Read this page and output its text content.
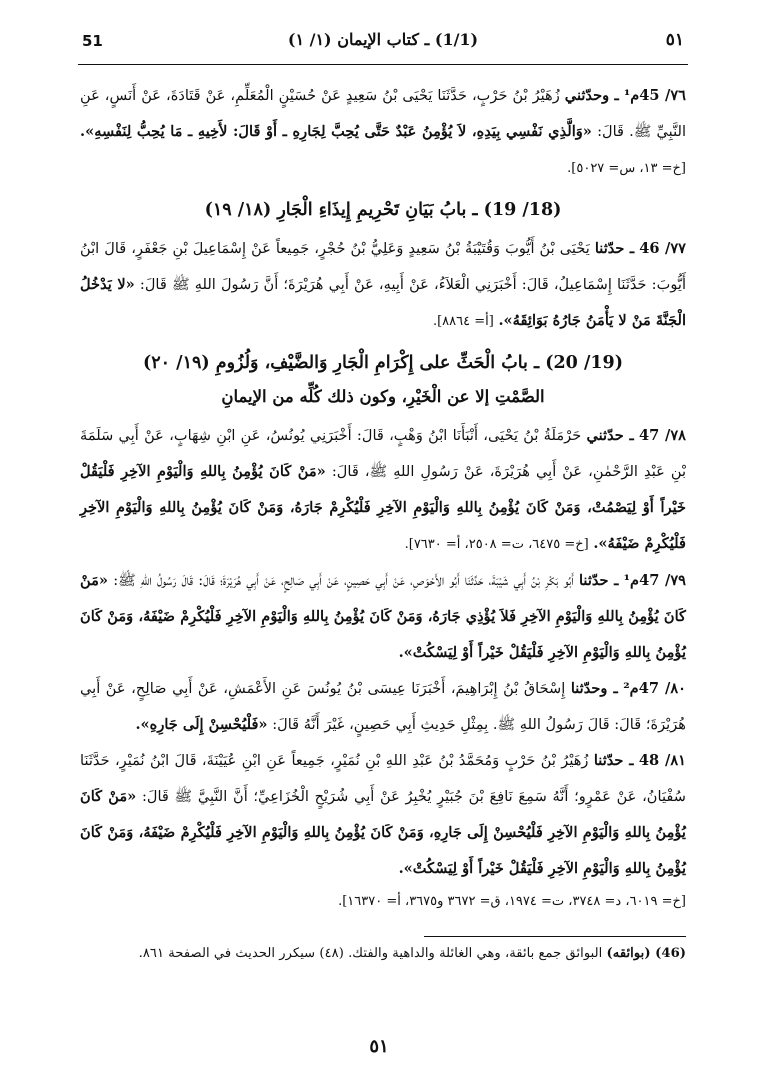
51	(1/1) ـ كتاب الإيمان (١/ ١)	٥١

٧٦/ 45م¹ ـ وحدّثني زُهَيْرُ بْنُ حَرْبٍ، حَدَّثَنَا يَحْيَى بْنُ سَعِيدٍ عَنْ حُسَيْنٍ الْمُعَلِّمِ، عَنْ قَتَادَةَ، عَنْ أَنَسٍ، عَنِ النَّبِيِّ ﷺ. قَالَ: «وَالَّذِي نَفْسِي بِيَدِهِ، لاَ يُؤْمِنُ عَبْدٌ حَتَّى يُحِبَّ لِجَارِهِ ـ أَوْ قَالَ: لأَخِيهِ ـ مَا يُحِبُّ لِنَفْسِهِ». [خ= ١٣، س= ٥٠٢٧].

(18/ 19) ـ بابُ بَيَانِ تَحْرِيمِ إِيذَاءِ الْجَارِ (١٨/ ١٩)

٧٧/ 46 ـ حدّثنا يَحْيَى بْنُ أَيُّوبَ وَقُتَيْبَةُ بْنُ سَعِيدٍ وَعَلِيُّ بْنُ حُجْرٍ، جَمِيعاً عَنْ إِسْمَاعِيلَ بْنِ جَعْفَرٍ، قَالَ ابْنُ أَيُّوبَ: حَدَّثَنَا إِسْمَاعِيلُ، قَالَ: أَخْبَرَنِي الْعَلاَءُ، عَنْ أَبِيهِ، عَنْ أَبِي هُرَيْرَةَ؛ أَنَّ رَسُولَ اللهِ ﷺ قَالَ: «لا يَدْخُلُ الْجَنَّةَ مَنْ لا يَأْمَنُ جَارُهُ بَوَائِقَهُ». [أ= ٨٨٦٤].

(19/ 20) ـ بابُ الْحَثِّ على إِكْرَامِ الْجَارِ وَالضَّيْفِ، وَلُزُومِ (١٩/ ٢٠)
الصَّمْتِ إلا عن الْخَيْرِ، وكون ذلك كُلِّه من الإيمانِ

٧٨/ 47 ـ حدّثني حَرْمَلَةُ بْنُ يَحْيَى، أَنْبَأَنَا ابْنُ وَهْبٍ، قَالَ: أَخْبَرَنِي يُونُسُ، عَنِ ابْنِ شِهَابٍ، عَنْ أَبِي سَلَمَةَ بْنِ عَبْدِ الرَّحْمٰنِ، عَنْ أَبِي هُرَيْرَةَ، عَنْ رَسُولِ اللهِ ﷺ، قَالَ: «مَنْ كَانَ يُؤْمِنُ بِاللهِ وَالْيَوْمِ الآخِرِ فَلْيَقُلْ خَيْراً أَوْ لِيَصْمُتْ، وَمَنْ كَانَ يُؤْمِنُ بِاللهِ وَالْيَوْمِ الآخِرِ فَلْيُكْرِمْ جَارَهُ، وَمَنْ كَانَ يُؤْمِنُ بِاللهِ وَالْيَوْمِ الآخِرِ فَلْيُكْرِمْ ضَيْفَهُ». [خ= ٦٤٧٥، ت= ٢٥٠٨، أ= ٧٦٣٠].

٧٩/ 47م¹ ـ حدّثنا أَبُو بَكْرِ بْنُ أَبِي شَيْبَةَ، حَدَّثَنَا أَبُو الأَحْوَصِ، عَنْ أَبِي حَصِينٍ، عَنْ أَبِي صَالِحٍ، عَنْ أَبِي هُرَيْرَةَ؛ قَالَ: قَالَ رَسُولُ اللهِ ﷺ: «مَنْ كَانَ يُؤْمِنُ بِاللهِ وَالْيَوْمِ الآخِرِ فَلاَ يُؤْذِي جَارَهُ، وَمَنْ كَانَ يُؤْمِنُ بِاللهِ وَالْيَوْمِ الآخِرِ فَلْيُكْرِمْ ضَيْفَهُ، وَمَنْ كَانَ يُؤْمِنُ بِاللهِ وَالْيَوْمِ الآخِرِ فَلْيَقُلْ خَيْراً أَوْ لِيَسْكُتْ».

٨٠/ 47م² ـ وحدّثنا إِسْحَاقُ بْنُ إِبْرَاهِيمَ، أَخْبَرَنَا عِيسَى بْنُ يُونُسَ عَنِ الأَعْمَشِ، عَنْ أَبِي صَالِحٍ، عَنْ أَبِي هُرَيْرَةَ؛ قَالَ: قَالَ رَسُولُ اللهِ ﷺ. بِمِثْلِ حَدِيثِ أَبِي حَصِينٍ، غَيْرَ أَنَّهُ قَالَ: «فَلْيُحْسِنْ إِلَى جَارِهِ».

٨١/ 48 ـ حدّثنا زُهَيْرُ بْنُ حَرْبٍ وَمُحَمَّدُ بْنُ عَبْدِ اللهِ بْنِ نُمَيْرٍ، جَمِيعاً عَنِ ابْنِ عُيَيْنَةَ، قَالَ ابْنُ نُمَيْرٍ، حَدَّثَنَا سُفْيَانُ، عَنْ عَمْرٍو؛ أَنَّهُ سَمِعَ نَافِعَ بْنَ جُبَيْرٍ يُخْبِرُ عَنْ أَبِي شُرَيْحٍ الْخُزَاعِيِّ؛ أَنَّ النَّبِيَّ ﷺ قَالَ: «مَنْ كَانَ يُؤْمِنُ بِاللهِ وَالْيَوْمِ الآخِرِ فَلْيُحْسِنْ إِلَى جَارِهِ، وَمَنْ كَانَ يُؤْمِنُ بِاللهِ وَالْيَوْمِ الآخِرِ فَلْيُكْرِمْ ضَيْفَهُ، وَمَنْ كَانَ يُؤْمِنُ بِاللهِ وَالْيَوْمِ الآخِرِ فَلْيَقُلْ خَيْراً أَوْ لِيَسْكُتْ».

[خ= ٦٠١٩، د= ٣٧٤٨، ت= ١٩٧٤، ق= ٣٦٧٢ و٣٦٧٥، أ= ١٦٣٧٠].

(46) (بوائقه) البوائق جمع بائقة، وهي الغائلة والداهية والفتك. (٤٨) سيكرر الحديث في الصفحة ٨٦١.
٥١
